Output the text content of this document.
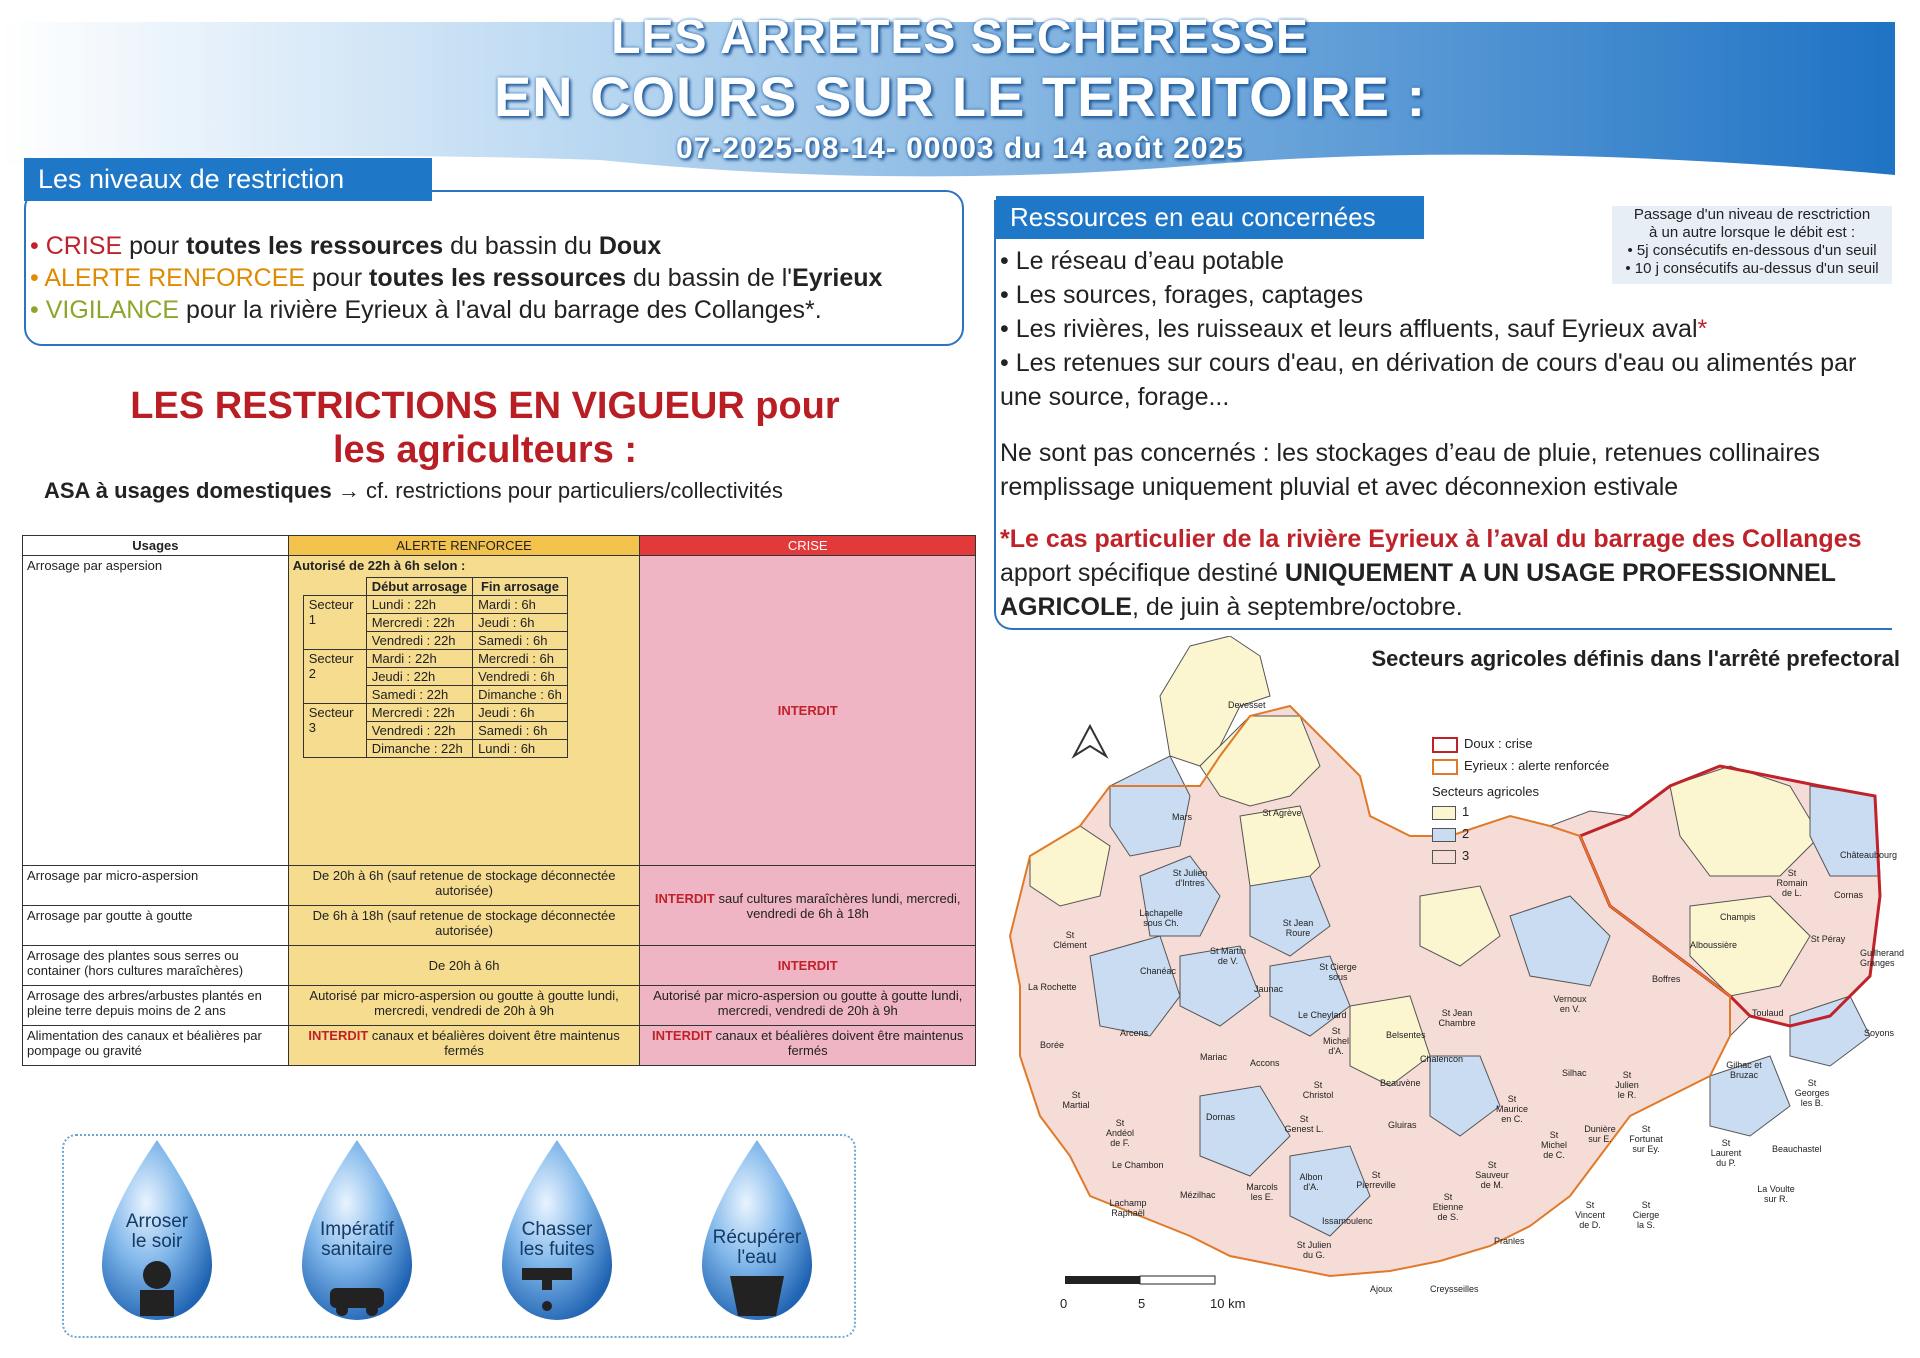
LES ARRETES SECHERESSE
EN COURS SUR LE TERRITOIRE :
07-2025-08-14- 00003 du 14 août 2025
Les niveaux de restriction
• CRISE pour toutes les ressources du bassin du Doux
• ALERTE RENFORCEE pour toutes les ressources du bassin de l'Eyrieux
• VIGILANCE pour la rivière Eyrieux à l'aval du barrage des Collanges*.
LES RESTRICTIONS EN VIGUEUR pour
les agriculteurs :
ASA à usages domestiques → cf. restrictions pour particuliers/collectivités
Usages	ALERTE RENFORCEE	CRISE
Arrosage par aspersion	Autorisé de 22h à 6h selon :
	Début arrosage	Fin arrosage
Secteur 1	Lundi : 22h	Mardi : 6h
Mercredi : 22h	Jeudi : 6h
Vendredi : 22h	Samedi : 6h
Secteur 2	Mardi : 22h	Mercredi : 6h
Jeudi : 22h	Vendredi : 6h
Samedi : 22h	Dimanche : 6h
Secteur 3	Mercredi : 22h	Jeudi : 6h
Vendredi : 22h	Samedi : 6h
Dimanche : 22h	Lundi : 6h
	INTERDIT
Arrosage par micro-aspersion	De 20h à 6h (sauf retenue de stockage déconnectée autorisée)	INTERDIT sauf cultures maraîchères lundi, mercredi, vendredi de 6h à 18h
Arrosage par goutte à goutte	De 6h à 18h (sauf retenue de stockage déconnectée autorisée)
Arrosage des plantes sous serres ou container (hors cultures maraîchères)	De 20h à 6h	INTERDIT
Arrosage des arbres/arbustes plantés en pleine terre depuis moins de 2 ans	Autorisé par micro-aspersion ou goutte à goutte lundi, mercredi, vendredi de 20h à 9h	Autorisé par micro-aspersion ou goutte à goutte lundi, mercredi, vendredi de 20h à 9h
Alimentation des canaux et béalières par pompage ou gravité	INTERDIT canaux et béalières doivent être maintenus fermés	INTERDIT canaux et béalières doivent être maintenus fermés
Ressources en eau concernées	Passage d'un niveau de resctriction
à un autre lorsque le débit est :
• 5j consécutifs en-dessous d'un seuil
• 10 j consécutifs au-dessus d'un seuil
• Le réseau d’eau potable
• Les sources, forages, captages
• Les rivières, les ruisseaux et leurs affluents, sauf Eyrieux aval*
• Les retenues sur cours d'eau, en dérivation de cours d'eau ou alimentés par une source, forage...
Ne sont pas concernés : les stockages d’eau de pluie, retenues collinaires remplissage uniquement pluvial et avec déconnexion estivale
*Le cas particulier de la rivière Eyrieux à l’aval du barrage des Collanges
apport spécifique destiné UNIQUEMENT A UN USAGE PROFESSIONNEL AGRICOLE, de juin à septembre/octobre.
Secteurs agricoles définis dans l'arrêté prefectoral
Devesset
Mars	St Agrève
St Julien d'Intres
Lachapelle sous Ch.
St Clément
La Rochette
Chanéac
St Martin de V.
Jaunac
St Jean Roure
Le Cheylard
St Cierge sous
Belsentes
Arcens
Borée
Mariac
Accons
St Michel d'A.
St Christol
Chalencon
St Jean Chambre
Vernoux en V.
Beauvène
St Martial
St Andéol de F.
Le Chambon
Dornas	St Genest L.	Gluiras
Silhac	St Julien le R.
Châteaubourg
Cornas
St Romain de L.
Champis
Alboussière
St Péray
Guilherand Granges
Boffres
Toulaud
Soyons
Gilhac et Bruzac
St Georges les B.
Beauchastel
St Laurent du P.
La Voulte sur R.
St Fortunat sur Ey.
Dunière sur E.
St Michel de C.
St Maurice en C.
St Sauveur de M.
St Etienne de S.
St Pierreville
Albon d'A.
Marcols les E.
Mézilhac
Lachamp Raphaël
Issamoulenc
St Julien du G.
Ajoux	Creysseilles
Pranles
St Vincent de D.
St Cierge la S.
Doux : crise
Eyrieux : alerte renforcée
Secteurs agricoles
1
2
3
0	5	10 km
Arroser
le soir
Impératif
sanitaire
Chasser
les fuites
Récupérer
l'eau
